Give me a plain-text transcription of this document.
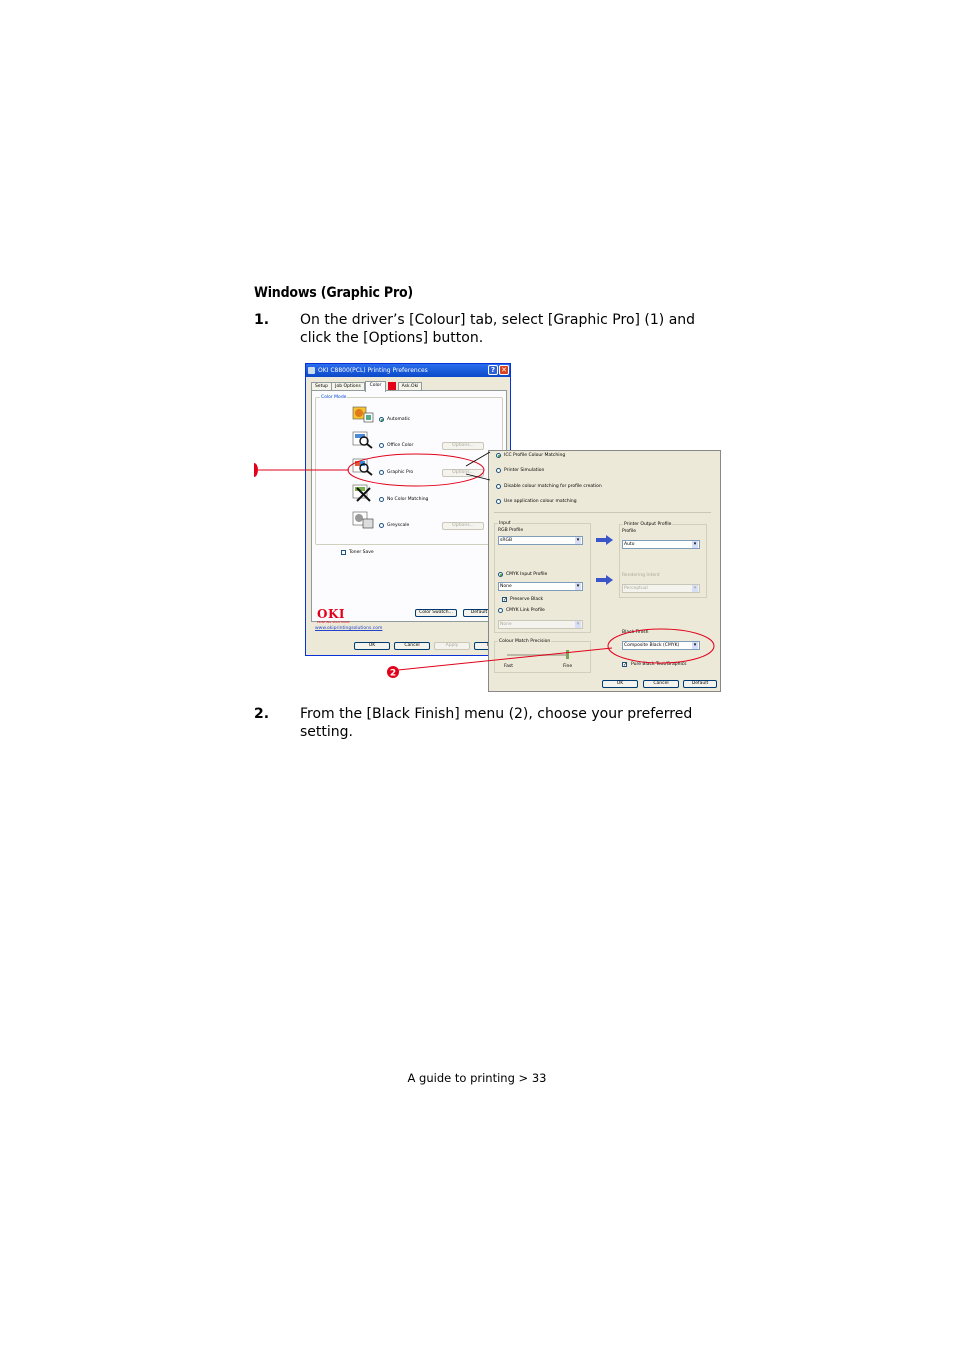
Windows (Graphic Pro)
1. On the driver’s [Colour] tab, select [Graphic Pro] (1) and click the [Options] button.
OKI C8800(PCL) Printing Preferences	? ✕
Setup	Job Options	Color	Ask.Oki
Color Mode
Automatic
Office Color	Options...
Graphic Pro	Options...
No Color Matching
Greyscale	Options...
Toner Save
Color Swatch...	Default
OKI
PRINTING SOLUTIONS
www.okiprintingsolutions.com
OK	Cancel	Apply
ICC Profile Colour Matching
Printer Simulation
Disable colour matching for profile creation
Use application colour matching
Input
RGB Profile
sRGB ▾
CMYK Input Profile
None ▾
✓ Preserve Black
CMYK Link Profile
None ▾
Printer Output Profile
Profile
Auto ▾
Rendering Intent
Perceptual ▾
Colour Match Precision
Fast	Fine
Black Finish
Composite Black (CMYK) ▾
✓ Pure Black Text/Graphics
OK	Cancel	Default
2
2. From the [Black Finish] menu (2), choose your preferred setting.
A guide to printing > 33
